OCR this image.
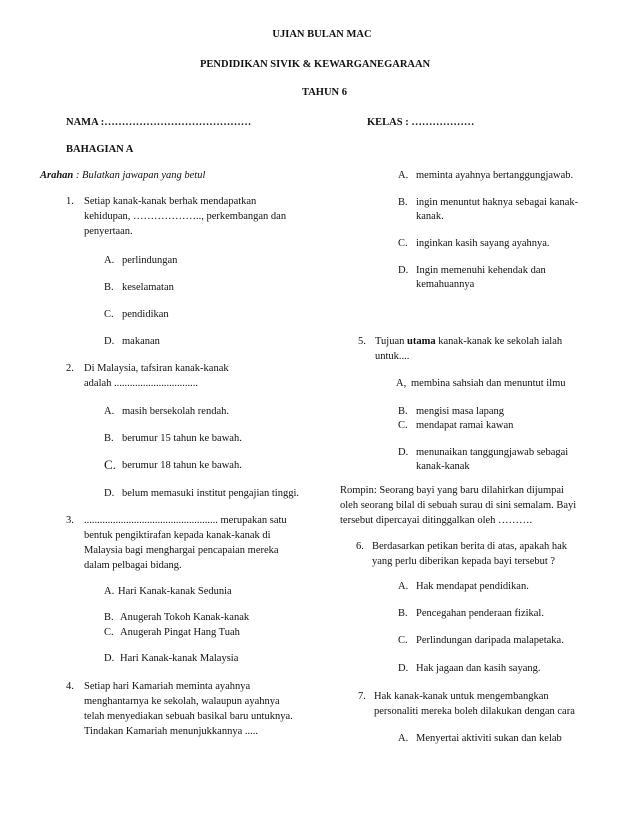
UJIAN BULAN MAC
PENDIDIKAN SIVIK & KEWARGANEGARAAN
TAHUN 6
NAMA :……………………………………	KELAS : ………………
BAHAGIAN A
Arahan : Bulatkan jawapan yang betul
1. Setiap kanak-kanak berhak mendapatkan
kehidupan, ……………….., perkembangan dan
penyertaan.
A. perlindungan
B. keselamatan
C. pendidikan
D. makanan
2. Di Malaysia, tafsiran kanak-kanak
adalah ................................
A. masih bersekolah rendah.
B. berumur 15 tahun ke bawah.
C. berumur 18 tahun ke bawah.
D. belum memasuki institut pengajian tinggi.
3. ................................................... merupakan satu
bentuk pengiktirafan kepada kanak-kanak di
Malaysia bagi menghargai pencapaian mereka
dalam pelbagai bidang.
A. Hari Kanak-kanak Sedunia
B. Anugerah Tokoh Kanak-kanak
C. Anugerah Pingat Hang Tuah
D. Hari Kanak-kanak Malaysia
4. Setiap hari Kamariah meminta ayahnya
menghantarnya ke sekolah, walaupun ayahnya
telah menyediakan sebuah basikal baru untuknya.
Tindakan Kamariah menunjukkannya .....
A. meminta ayahnya bertanggungjawab.
B. ingin menuntut haknya sebagai kanak-kanak.
C. inginkan kasih sayang ayahnya.
D. Ingin memenuhi kehendak dan kemahuannya
5. Tujuan utama kanak-kanak ke sekolah ialah
untuk....
A, membina sahsiah dan menuntut ilmu
B. mengisi masa lapang
C. mendapat ramai kawan
D. menunaikan tanggungjawab sebagai kanak-kanak
Rompin: Seorang bayi yang baru dilahirkan dijumpai
oleh seorang bilal di sebuah surau di sini semalam. Bayi
tersebut dipercayai ditinggalkan oleh ……….
6. Berdasarkan petikan berita di atas, apakah hak
yang perlu diberikan kepada bayi tersebut ?
A. Hak mendapat pendidikan.
B. Pencegahan penderaan fizikal.
C. Perlindungan daripada malapetaka.
D. Hak jagaan dan kasih sayang.
7. Hak kanak-kanak untuk mengembangkan
personaliti mereka boleh dilakukan dengan cara
A. Menyertai aktiviti sukan dan kelab
